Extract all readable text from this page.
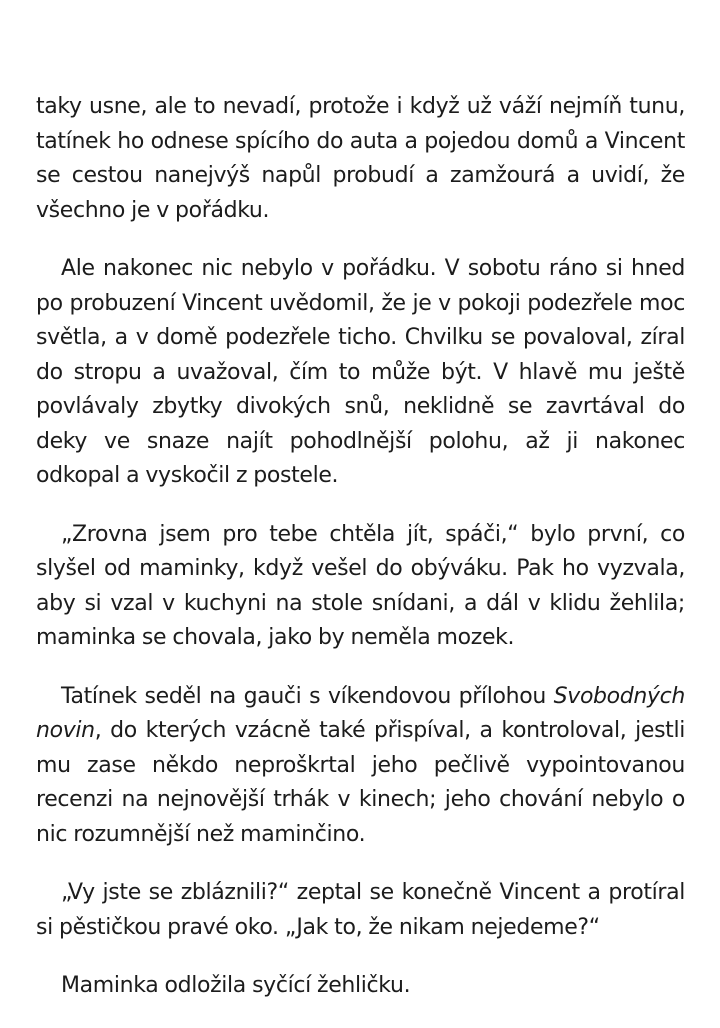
taky usne, ale to nevadí, protože i když už váží nejmíň tunu, tatínek ho odnese spícího do auta a pojedou domů a Vincent se cestou nanejvýš napůl probudí a zamžourá a uvidí, že všechno je v pořádku.

Ale nakonec nic nebylo v pořádku. V sobotu ráno si hned po probuzení Vincent uvědomil, že je v pokoji podezřele moc světla, a v domě podezřele ticho. Chvilku se povaloval, zíral do stropu a uvažoval, čím to může být. V hlavě mu ještě povlávaly zbytky divokých snů, neklidně se zavrtával do deky ve snaze najít pohodlnější polohu, až ji nakonec odkopal a vyskočil z postele.

„Zrovna jsem pro tebe chtěla jít, spáči,“ bylo první, co slyšel od maminky, když vešel do obýváku. Pak ho vyzvala, aby si vzal v kuchyni na stole snídani, a dál v klidu žehlila; maminka se chovala, jako by neměla mozek.

Tatínek seděl na gauči s víkendovou přílohou Svobodných novin, do kterých vzácně také přispíval, a kontroloval, jestli mu zase někdo neproškrtal jeho pečlivě vypointovanou recenzi na nejnovější trhák v kinech; jeho chování nebylo o nic rozumnější než maminčino.

„Vy jste se zbláznili?“ zeptal se konečně Vincent a protíral si pěstičkou pravé oko. „Jak to, že nikam nejedeme?“

Maminka odložila syčící žehličku.
